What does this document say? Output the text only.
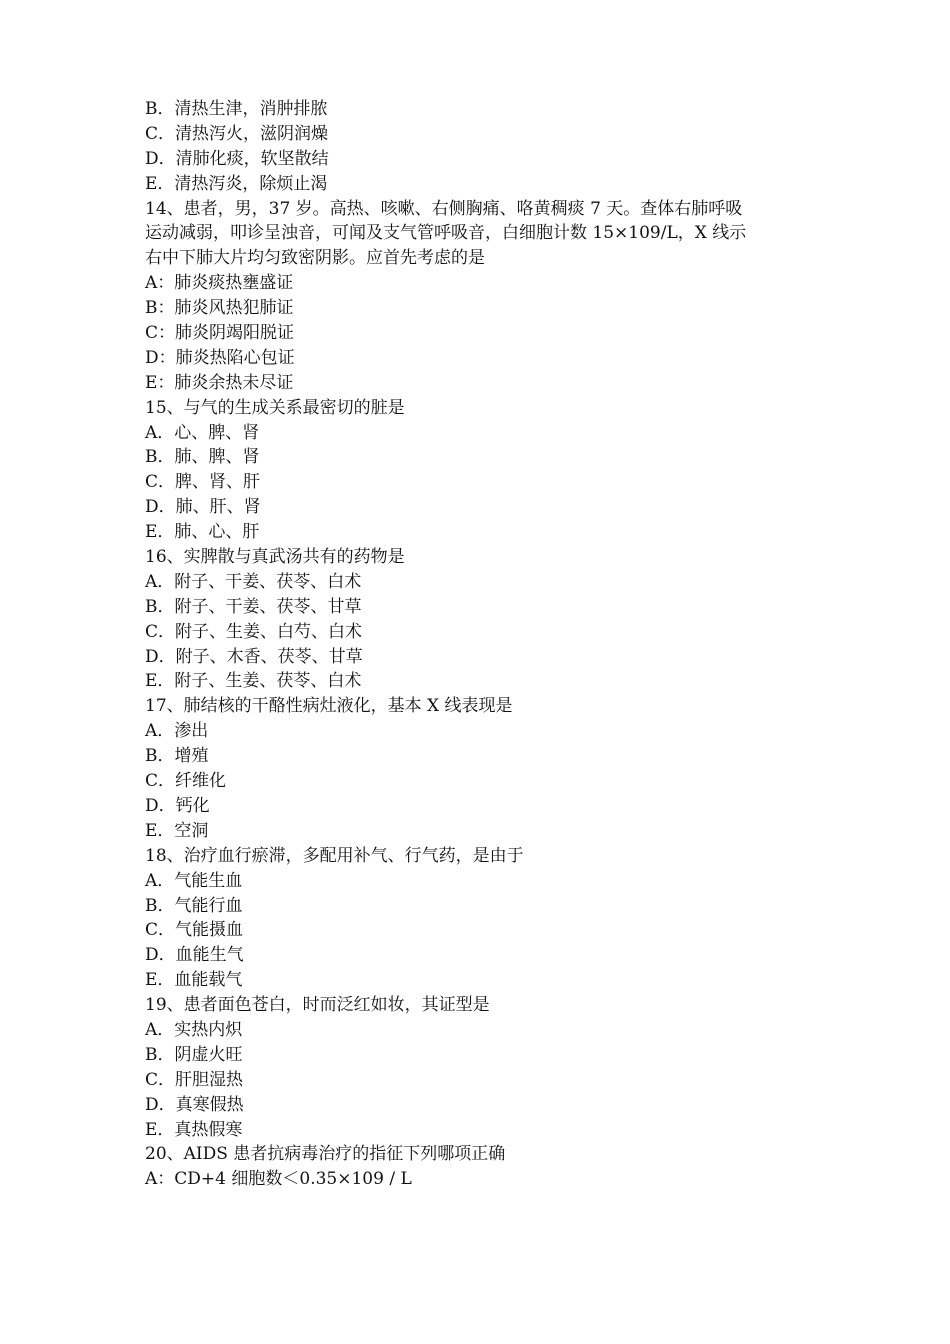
B．清热生津，消肿排脓
C．清热泻火，滋阴润燥
D．清肺化痰，软坚散结
E．清热泻炎，除烦止渴
14、患者，男，37 岁。高热、咳嗽、右侧胸痛、咯黄稠痰 7 天。查体右肺呼吸
运动减弱，叩诊呈浊音，可闻及支气管呼吸音，白细胞计数 15×109/L，X 线示
右中下肺大片均匀致密阴影。应首先考虑的是
A：肺炎痰热壅盛证
B：肺炎风热犯肺证
C：肺炎阴竭阳脱证
D：肺炎热陷心包证
E：肺炎余热未尽证
15、与气的生成关系最密切的脏是
A．心、脾、肾
B．肺、脾、肾
C．脾、肾、肝
D．肺、肝、肾
E．肺、心、肝
16、实脾散与真武汤共有的药物是
A．附子、干姜、茯苓、白术
B．附子、干姜、茯苓、甘草
C．附子、生姜、白芍、白术
D．附子、木香、茯苓、甘草
E．附子、生姜、茯苓、白术
17、肺结核的干酪性病灶液化，基本 X 线表现是
A．渗出
B．增殖
C．纤维化
D．钙化
E．空洞
18、治疗血行瘀滞，多配用补气、行气药，是由于
A．气能生血
B．气能行血
C．气能摄血
D．血能生气
E．血能载气
19、患者面色苍白，时而泛红如妆，其证型是
A．实热内炽
B．阴虚火旺
C．肝胆湿热
D．真寒假热
E．真热假寒
20、AIDS 患者抗病毒治疗的指征下列哪项正确
A：CD+4 细胞数＜0.35×109 / L
